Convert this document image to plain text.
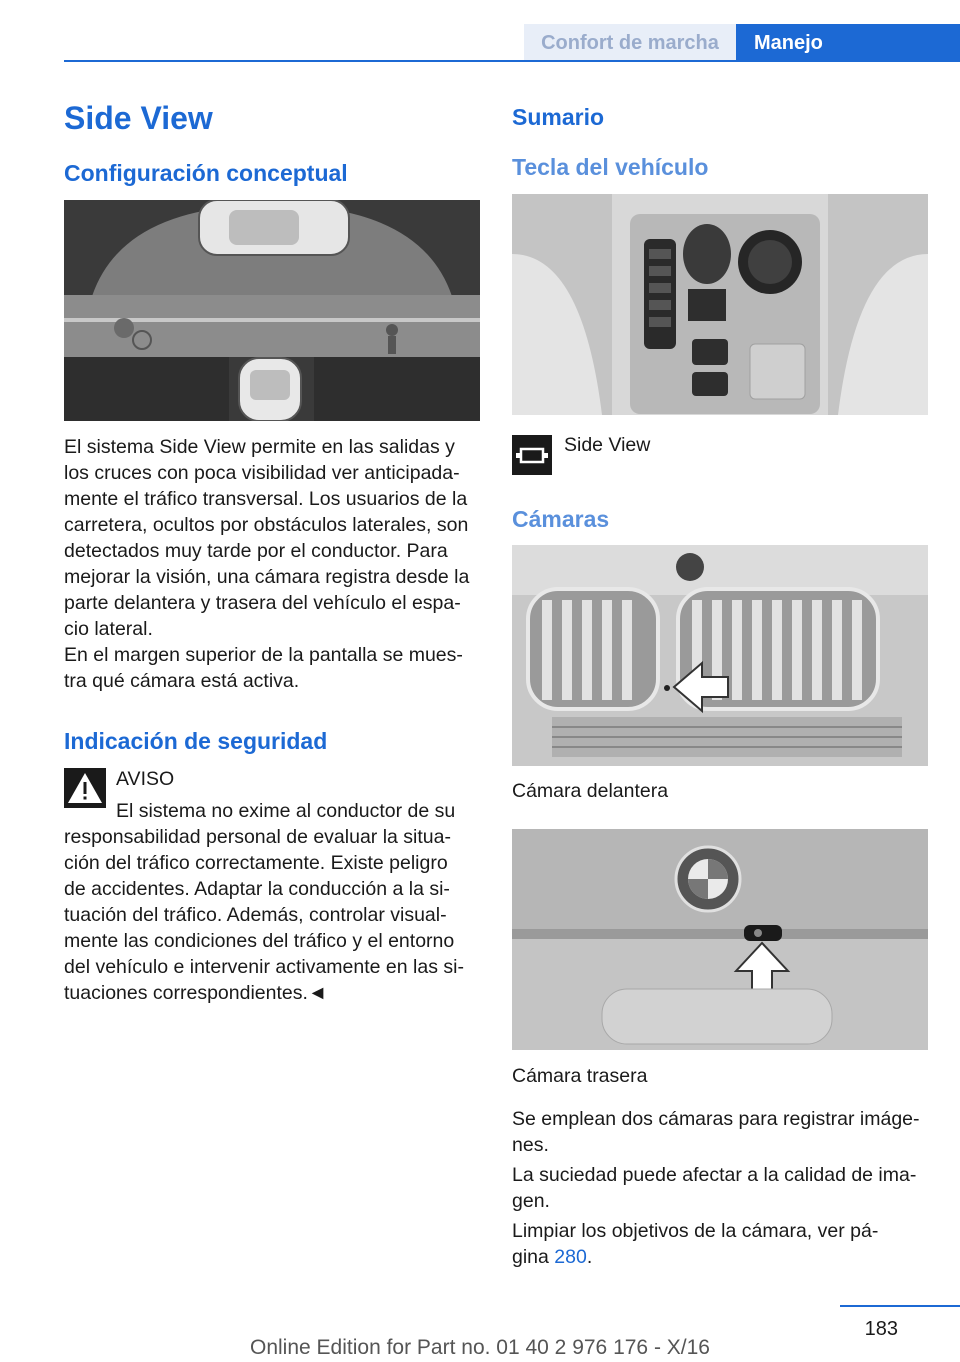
Confort de marcha	Manejo
Side View
Configuración conceptual
El sistema Side View permite en las salidas y
los cruces con poca visibilidad ver anticipada‐
mente el tráfico transversal. Los usuarios de la
carretera, ocultos por obstáculos laterales, son
detectados muy tarde por el conductor. Para
mejorar la visión, una cámara registra desde la
parte delantera y trasera del vehículo el espa‐
cio lateral.
En el margen superior de la pantalla se mues‐
tra qué cámara está activa.
Indicación de seguridad
AVISO
El sistema no exime al conductor de su
responsabilidad personal de evaluar la situa‐
ción del tráfico correctamente. Existe peligro
de accidentes. Adaptar la conducción a la si‐
tuación del tráfico. Además, controlar visual‐
mente las condiciones del tráfico y el entorno
del vehículo e intervenir activamente en las si‐
tuaciones correspondientes.◄
Sumario
Tecla del vehículo
Side View
Cámaras
Cámara delantera
Cámara trasera
Se emplean dos cámaras para registrar imáge‐
nes.
La suciedad puede afectar a la calidad de ima‐
gen.
Limpiar los objetivos de la cámara, ver pá‐
gina 280.
183
Online Edition for Part no. 01 40 2 976 176 - X/16
